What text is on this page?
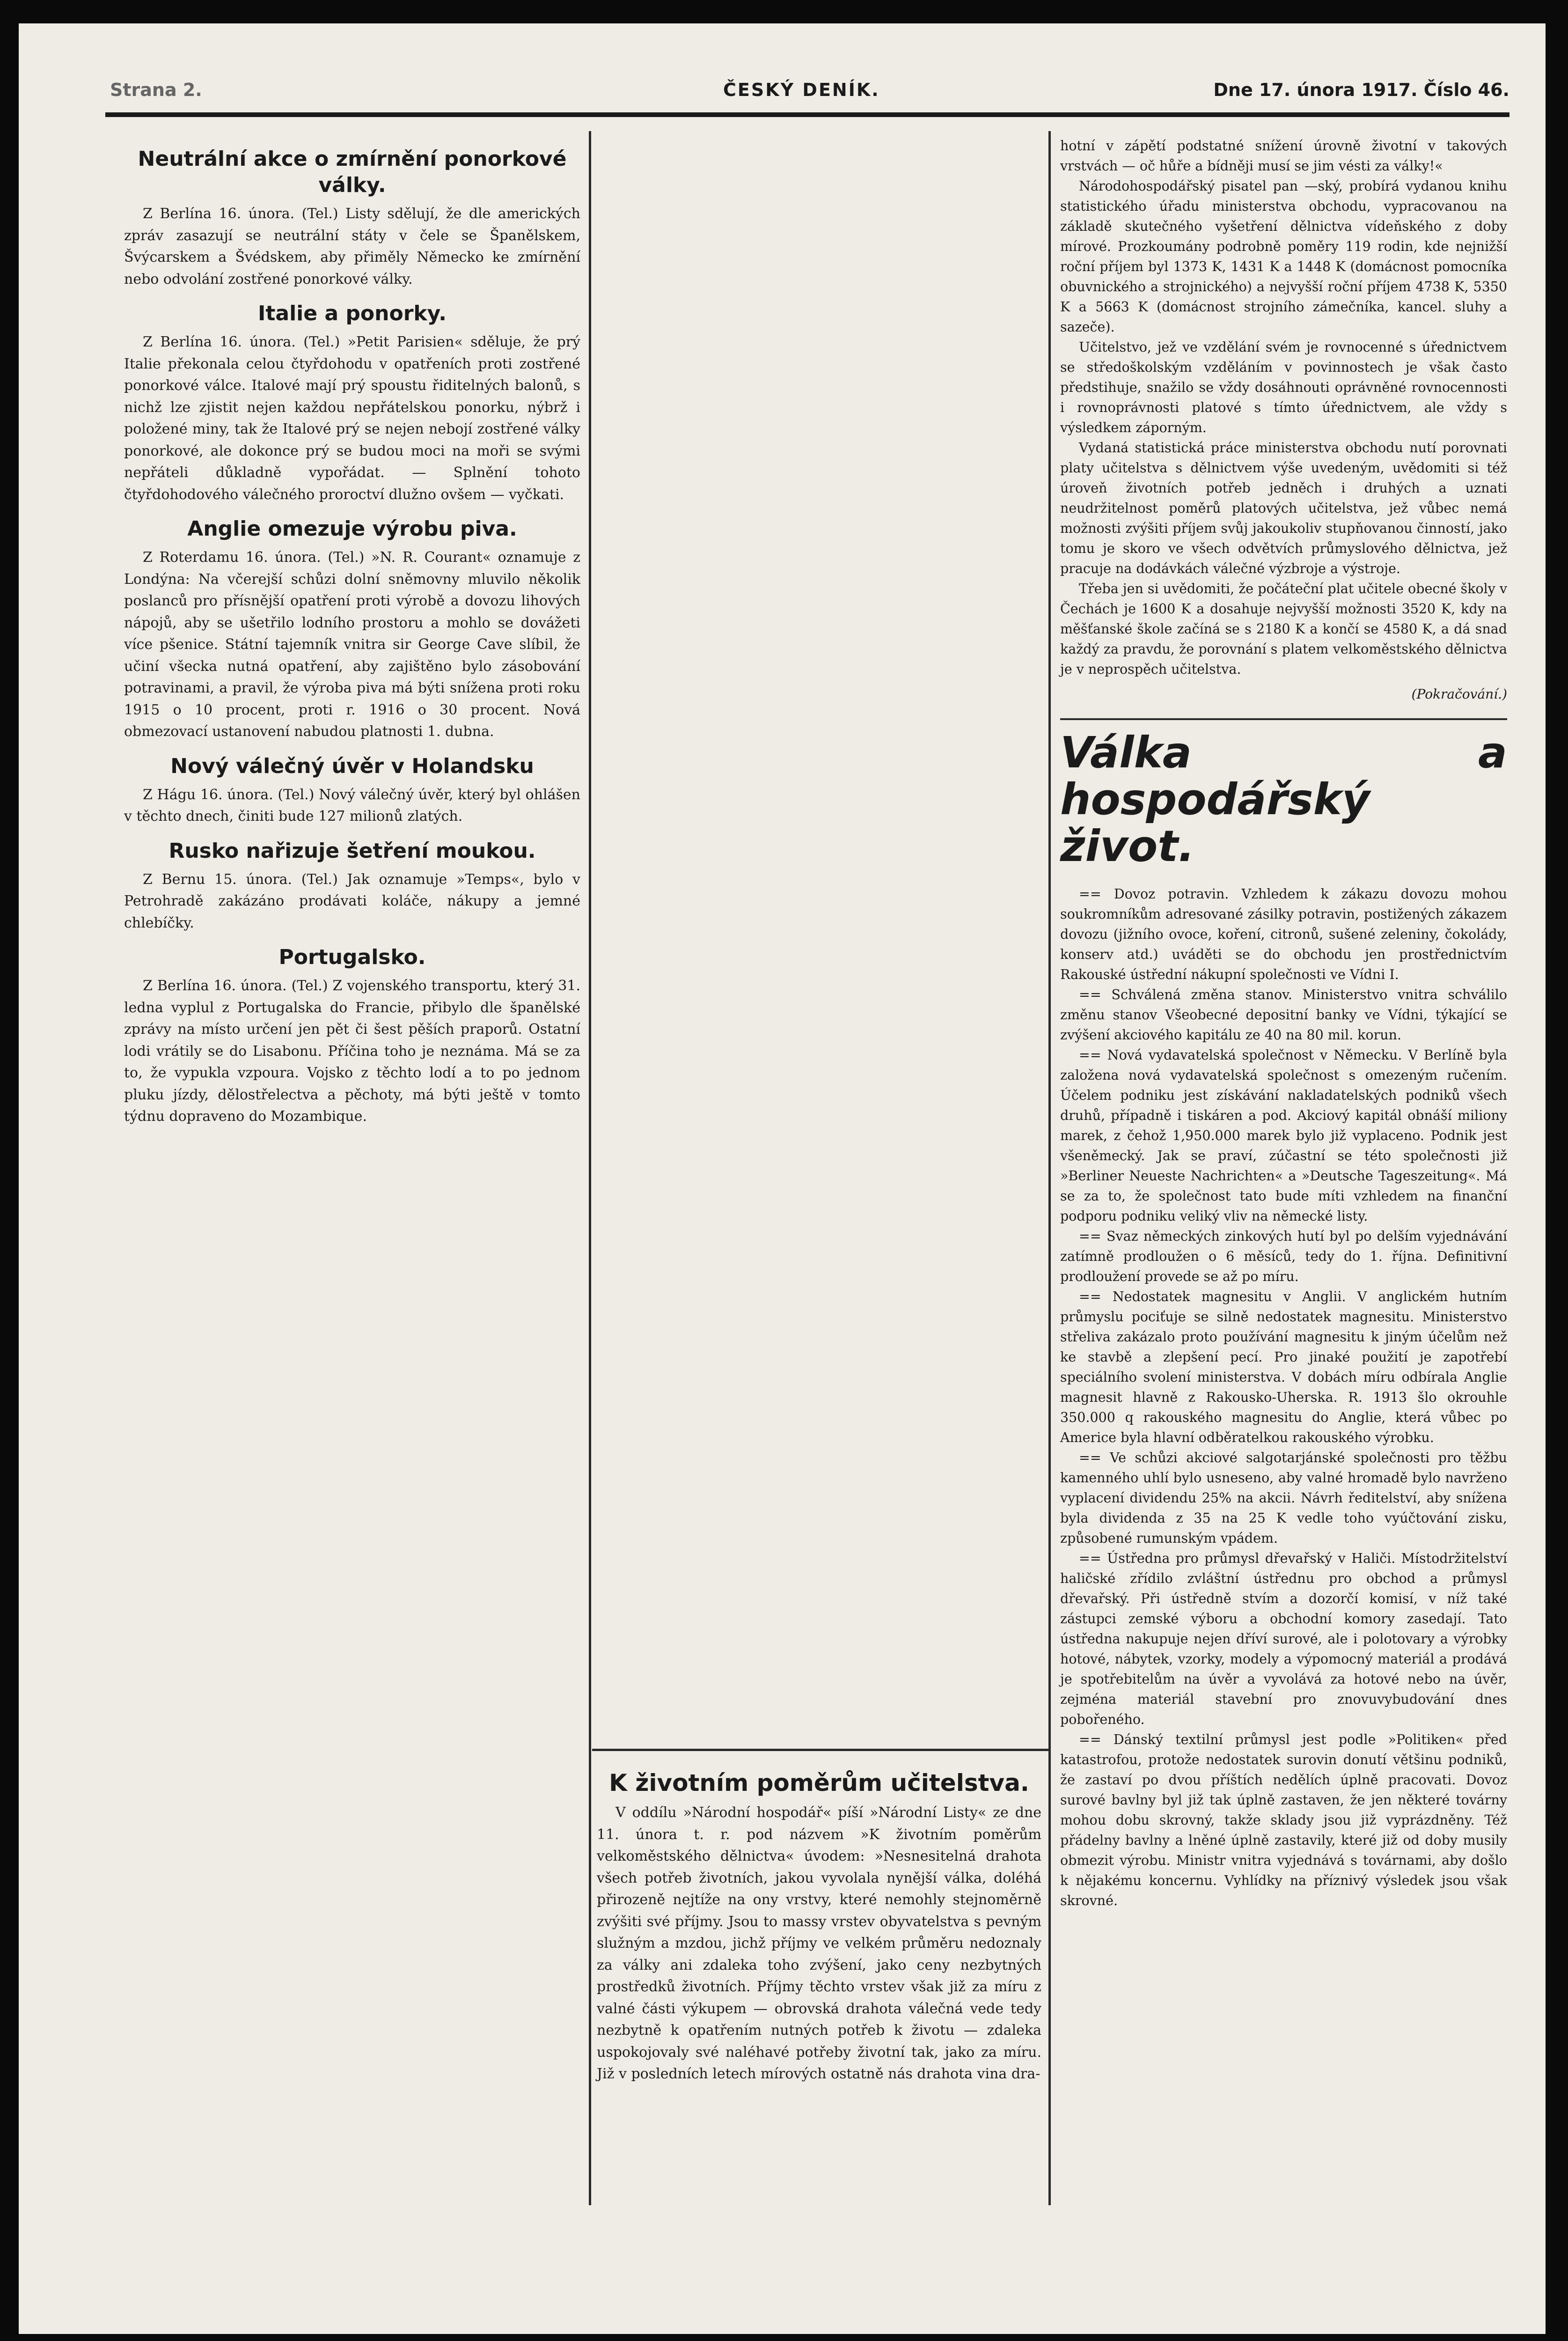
Strana 2.	ČESKÝ DENÍK.	Dne 17. února 1917. Číslo 46.
Neutrální akce o zmírnění ponorkové války.

Z Berlína 16. února. (Tel.) Listy sdělují, že dle amerických zpráv zasazují se neutrální státy v čele se Španělskem, Švýcarskem a Švédskem, aby přiměly Německo ke zmírnění nebo odvolání zostřené ponorkové války.

Italie a ponorky.

Z Berlína 16. února. (Tel.) »Petit Parisien« sděluje, že prý Italie překonala celou čtyřdohodu v opatřeních proti zostřené ponorkové válce. Italové mají prý spoustu řiditelných balonů, s nichž lze zjistit nejen každou nepřátelskou ponorku, nýbrž i položené miny, tak že Italové prý se nejen nebojí zostřené války ponorkové, ale dokonce prý se budou moci na moři se svými nepřáteli důkladně vypořádat. — Splnění tohoto čtyřdohodového válečného proroctví dlužno ovšem — vyčkati.

Anglie omezuje výrobu piva.

Z Roterdamu 16. února. (Tel.) »N. R. Courant« oznamuje z Londýna: Na včerejší schůzi dolní sněmovny mluvilo několik poslanců pro přísnější opatření proti výrobě a dovozu lihových nápojů, aby se ušetřilo lodního prostoru a mohlo se dovážeti více pšenice. Státní tajemník vnitra sir George Cave slíbil, že učiní všecka nutná opatření, aby zajištěno bylo zásobování potravinami, a pravil, že výroba piva má býti snížena proti roku 1915 o 10 procent, proti r. 1916 o 30 procent. Nová obmezovací ustanovení nabudou platnosti 1. dubna.

Nový válečný úvěr v Holandsku

Z Hágu 16. února. (Tel.) Nový válečný úvěr, který byl ohlášen v těchto dnech, činiti bude 127 milionů zlatých.

Rusko nařizuje šetření moukou.

Z Bernu 15. února. (Tel.) Jak oznamuje »Temps«, bylo v Petrohradě zakázáno prodávati koláče, nákupy a jemné chlebíčky.

Portugalsko.

Z Berlína 16. února. (Tel.) Z vojenského transportu, který 31. ledna vyplul z Portugalska do Francie, přibylo dle španělské zprávy na místo určení jen pět či šest pěších praporů. Ostatní lodi vrátily se do Lisabonu. Příčina toho je neznáma. Má se za to, že vypukla vzpoura. Vojsko z těchto lodí a to po jednom pluku jízdy, dělostřelectva a pěchoty, má býti ještě v tomto týdnu dopraveno do Mozambique.

K životním poměrům učitelstva.

V oddílu »Národní hospodář« píší »Národní Listy« ze dne 11. února t. r. pod názvem »K životním poměrům velkoměstského dělnictva« úvodem: »Nesnesitelná drahota všech potřeb životních, jakou vyvolala nynější válka, doléhá přirozeně nejtíže na ony vrstvy, které nemohly stejnoměrně zvýšiti své příjmy. Jsou to massy vrstev obyvatelstva s pevným služným a mzdou, jichž příjmy ve velkém průměru nedoznaly za války ani zdaleka toho zvýšení, jako ceny nezbytných prostředků životních. Příjmy těchto vrstev však již za míru z valné části výkupem — obrovská drahota válečná vede tedy nezbytně k opatřením nutných potřeb k životu — zdaleka uspokojovaly své naléhavé potřeby životní tak, jako za míru. Již v posledních letech mírových ostatně nás drahota vina dra-

hotní v zápětí podstatné snížení úrovně životní v takových vrstvách — oč hůře a bídněji musí se jim vésti za války!«

Národohospodářský pisatel pan —ský, probírá vydanou knihu statistického úřadu ministerstva obchodu, vypracovanou na základě skutečného vyšetření dělnictva vídeňského z doby mírové. Prozkoumány podrobně poměry 119 rodin, kde nejnižší roční příjem byl 1373 K, 1431 K a 1448 K (domácnost pomocníka obuvnického a strojnického) a nejvyšší roční příjem 4738 K, 5350 K a 5663 K (domácnost strojního zámečníka, kancel. sluhy a sazeče).

Učitelstvo, jež ve vzdělání svém je rovnocenné s úřednictvem se středoškolským vzděláním v povinnostech je však často předstihuje, snažilo se vždy dosáhnouti oprávněné rovnocennosti i rovnoprávnosti platové s tímto úřednictvem, ale vždy s výsledkem záporným.

Vydaná statistická práce ministerstva obchodu nutí porovnati platy učitelstva s dělnictvem výše uvedeným, uvědomiti si též úroveň životních potřeb jedněch i druhých a uznati neudržitelnost poměrů platových učitelstva, jež vůbec nemá možnosti zvýšiti příjem svůj jakoukoliv stupňovanou činností, jako tomu je skoro ve všech odvětvích průmyslového dělnictva, jež pracuje na dodávkách válečné výzbroje a výstroje.

Třeba jen si uvědomiti, že počáteční plat učitele obecné školy v Čechách je 1600 K a dosahuje nejvyšší možnosti 3520 K, kdy na měšťanské škole začíná se s 2180 K a končí se 4580 K, a dá snad každý za pravdu, že porovnání s platem velkoměstského dělnictva je v neprospěch učitelstva.

(Pokračování.)
Válka a hospodářský život.

== Dovoz potravin. Vzhledem k zákazu dovozu mohou soukromníkům adresované zásilky potravin, postižených zákazem dovozu (jižního ovoce, koření, citronů, sušené zeleniny, čokolády, konserv atd.) uváděti se do obchodu jen prostřednictvím Rakouské ústřední nákupní společnosti ve Vídni I.

== Schválená změna stanov. Ministerstvo vnitra schválilo změnu stanov Všeobecné depositní banky ve Vídni, týkající se zvýšení akciového kapitálu ze 40 na 80 mil. korun.

== Nová vydavatelská společnost v Německu. V Berlíně byla založena nová vydavatelská společnost s omezeným ručením. Účelem podniku jest získávání nakladatelských podniků všech druhů, případně i tiskáren a pod. Akciový kapitál obnáší miliony marek, z čehož 1,950.000 marek bylo již vyplaceno. Podnik jest všeněmecký. Jak se praví, zúčastní se této společnosti již »Berliner Neueste Nachrichten« a »Deutsche Tageszeitung«. Má se za to, že společnost tato bude míti vzhledem na finanční podporu podniku veliký vliv na německé listy.

== Svaz německých zinkových hutí byl po delším vyjednávání zatímně prodloužen o 6 měsíců, tedy do 1. října. Definitivní prodloužení provede se až po míru.

== Nedostatek magnesitu v Anglii. V anglickém hutním průmyslu pociťuje se silně nedostatek magnesitu. Ministerstvo střeliva zakázalo proto používání magnesitu k jiným účelům než ke stavbě a zlepšení pecí. Pro jinaké použití je zapotřebí speciálního svolení ministerstva. V dobách míru odbírala Anglie magnesit hlavně z Rakousko-Uherska. R. 1913 šlo okrouhle 350.000 q rakouského magnesitu do Anglie, která vůbec po Americe byla hlavní odběratelkou rakouského výrobku.

== Ve schůzi akciové salgotarjánské společnosti pro těžbu kamenného uhlí bylo usneseno, aby valné hromadě bylo navrženo vyplacení dividendu 25% na akcii. Návrh ředitelství, aby snížena byla dividenda z 35 na 25 K vedle toho vyúčtování zisku, způsobené rumunským vpádem.

== Ústředna pro průmysl dřevařský v Haliči. Místodržitelství haličské zřídilo zvláštní ústřednu pro obchod a průmysl dřevařský. Při ústředně stvím a dozorčí komisí, v níž také zástupci zemské výboru a obchodní komory zasedají. Tato ústředna nakupuje nejen dříví surové, ale i polotovary a výrobky hotové, nábytek, vzorky, modely a výpomocný materiál a prodává je spotřebitelům na úvěr a vyvolává za hotové nebo na úvěr, zejména materiál stavební pro znovuvybudování dnes pobořeného.

== Dánský textilní průmysl jest podle »Politiken« před katastrofou, protože nedostatek surovin donutí většinu podniků, že zastaví po dvou příštích nedělích úplně pracovati. Dovoz surové bavlny byl již tak úplně zastaven, že jen některé továrny mohou dobu skrovný, takže sklady jsou již vyprázdněny. Též přádelny bavlny a lněné úplně zastavily, které již od doby musily obmezit výrobu. Ministr vnitra vyjednává s továrnami, aby došlo k nějakému koncernu. Vyhlídky na příznivý výsledek jsou však skrovné.
